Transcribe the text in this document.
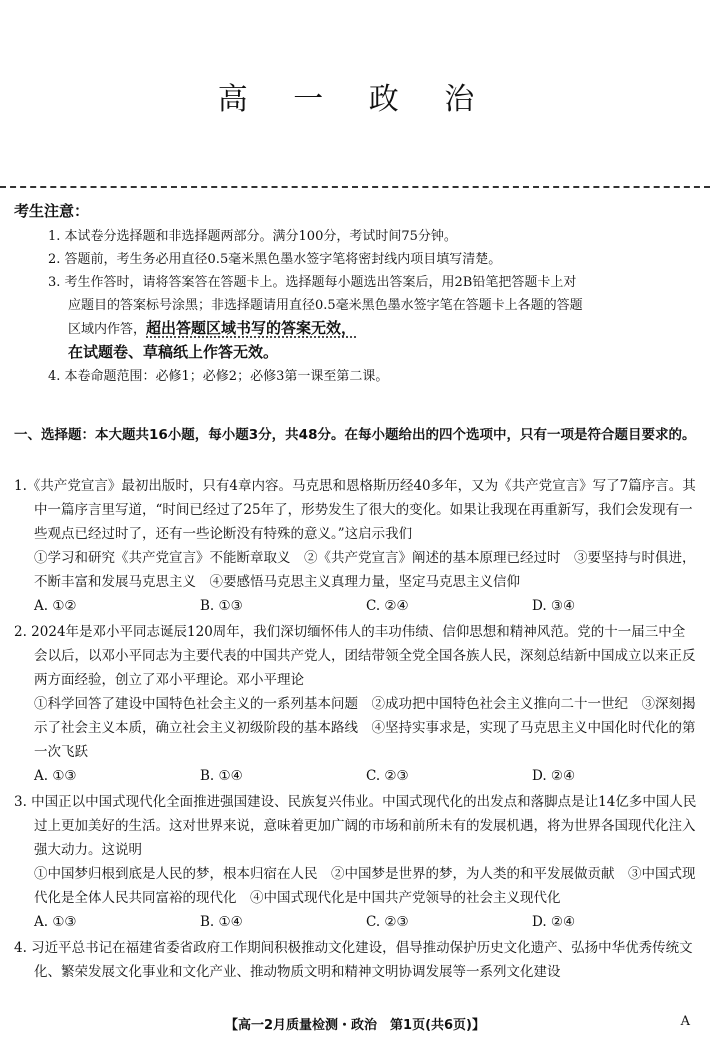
高 一 政 治

考生注意：

1. 本试卷分选择题和非选择题两部分。满分100分，考试时间75分钟。

2. 答题前，考生务必用直径0.5毫米黑色墨水签字笔将密封线内项目填写清楚。

3. 考生作答时，请将答案答在答题卡上。选择题每小题选出答案后，用2B铅笔把答题卡上对应题目的答案标号涂黑；非选择题请用直径0.5毫米黑色墨水签字笔在答题卡上各题的答题区域内作答，超出答题区域书写的答案无效，
在试题卷、草稿纸上作答无效。

4. 本卷命题范围：必修1；必修2；必修3第一课至第二课。

一、选择题：本大题共16小题，每小题3分，共48分。在每小题给出的四个选项中，只有一项是符合题目要求的。

1.《共产党宣言》最初出版时，只有4章内容。马克思和恩格斯历经40多年，又为《共产党宣言》写了7篇序言。其中一篇序言里写道，“时间已经过了25年了，形势发生了很大的变化。如果让我现在再重新写，我们会发现有一些观点已经过时了，还有一些论断没有特殊的意义。”这启示我们

①学习和研究《共产党宣言》不能断章取义　②《共产党宣言》阐述的基本原理已经过时　③要坚持与时俱进，不断丰富和发展马克思主义　④要感悟马克思主义真理力量，坚定马克思主义信仰

A. ①②	B. ①③	C. ②④	D. ③④

2. 2024年是邓小平同志诞辰120周年，我们深切缅怀伟人的丰功伟绩、信仰思想和精神风范。党的十一届三中全会以后，以邓小平同志为主要代表的中国共产党人，团结带领全党全国各族人民，深刻总结新中国成立以来正反两方面经验，创立了邓小平理论。邓小平理论

①科学回答了建设中国特色社会主义的一系列基本问题　②成功把中国特色社会主义推向二十一世纪　③深刻揭示了社会主义本质，确立社会主义初级阶段的基本路线　④坚持实事求是，实现了马克思主义中国化时代化的第一次飞跃

A. ①③	B. ①④	C. ②③	D. ②④

3. 中国正以中国式现代化全面推进强国建设、民族复兴伟业。中国式现代化的出发点和落脚点是让14亿多中国人民过上更加美好的生活。这对世界来说，意味着更加广阔的市场和前所未有的发展机遇，将为世界各国现代化注入强大动力。这说明

①中国梦归根到底是人民的梦，根本归宿在人民　②中国梦是世界的梦，为人类的和平发展做贡献　③中国式现代化是全体人民共同富裕的现代化　④中国式现代化是中国共产党领导的社会主义现代化

A. ①③	B. ①④	C. ②③	D. ②④

4. 习近平总书记在福建省委省政府工作期间积极推动文化建设，倡导推动保护历史文化遗产、弘扬中华优秀传统文化、繁荣发展文化事业和文化产业、推动物质文明和精神文明协调发展等一系列文化建设

【高一2月质量检测・政治　第1页(共6页)】	A
